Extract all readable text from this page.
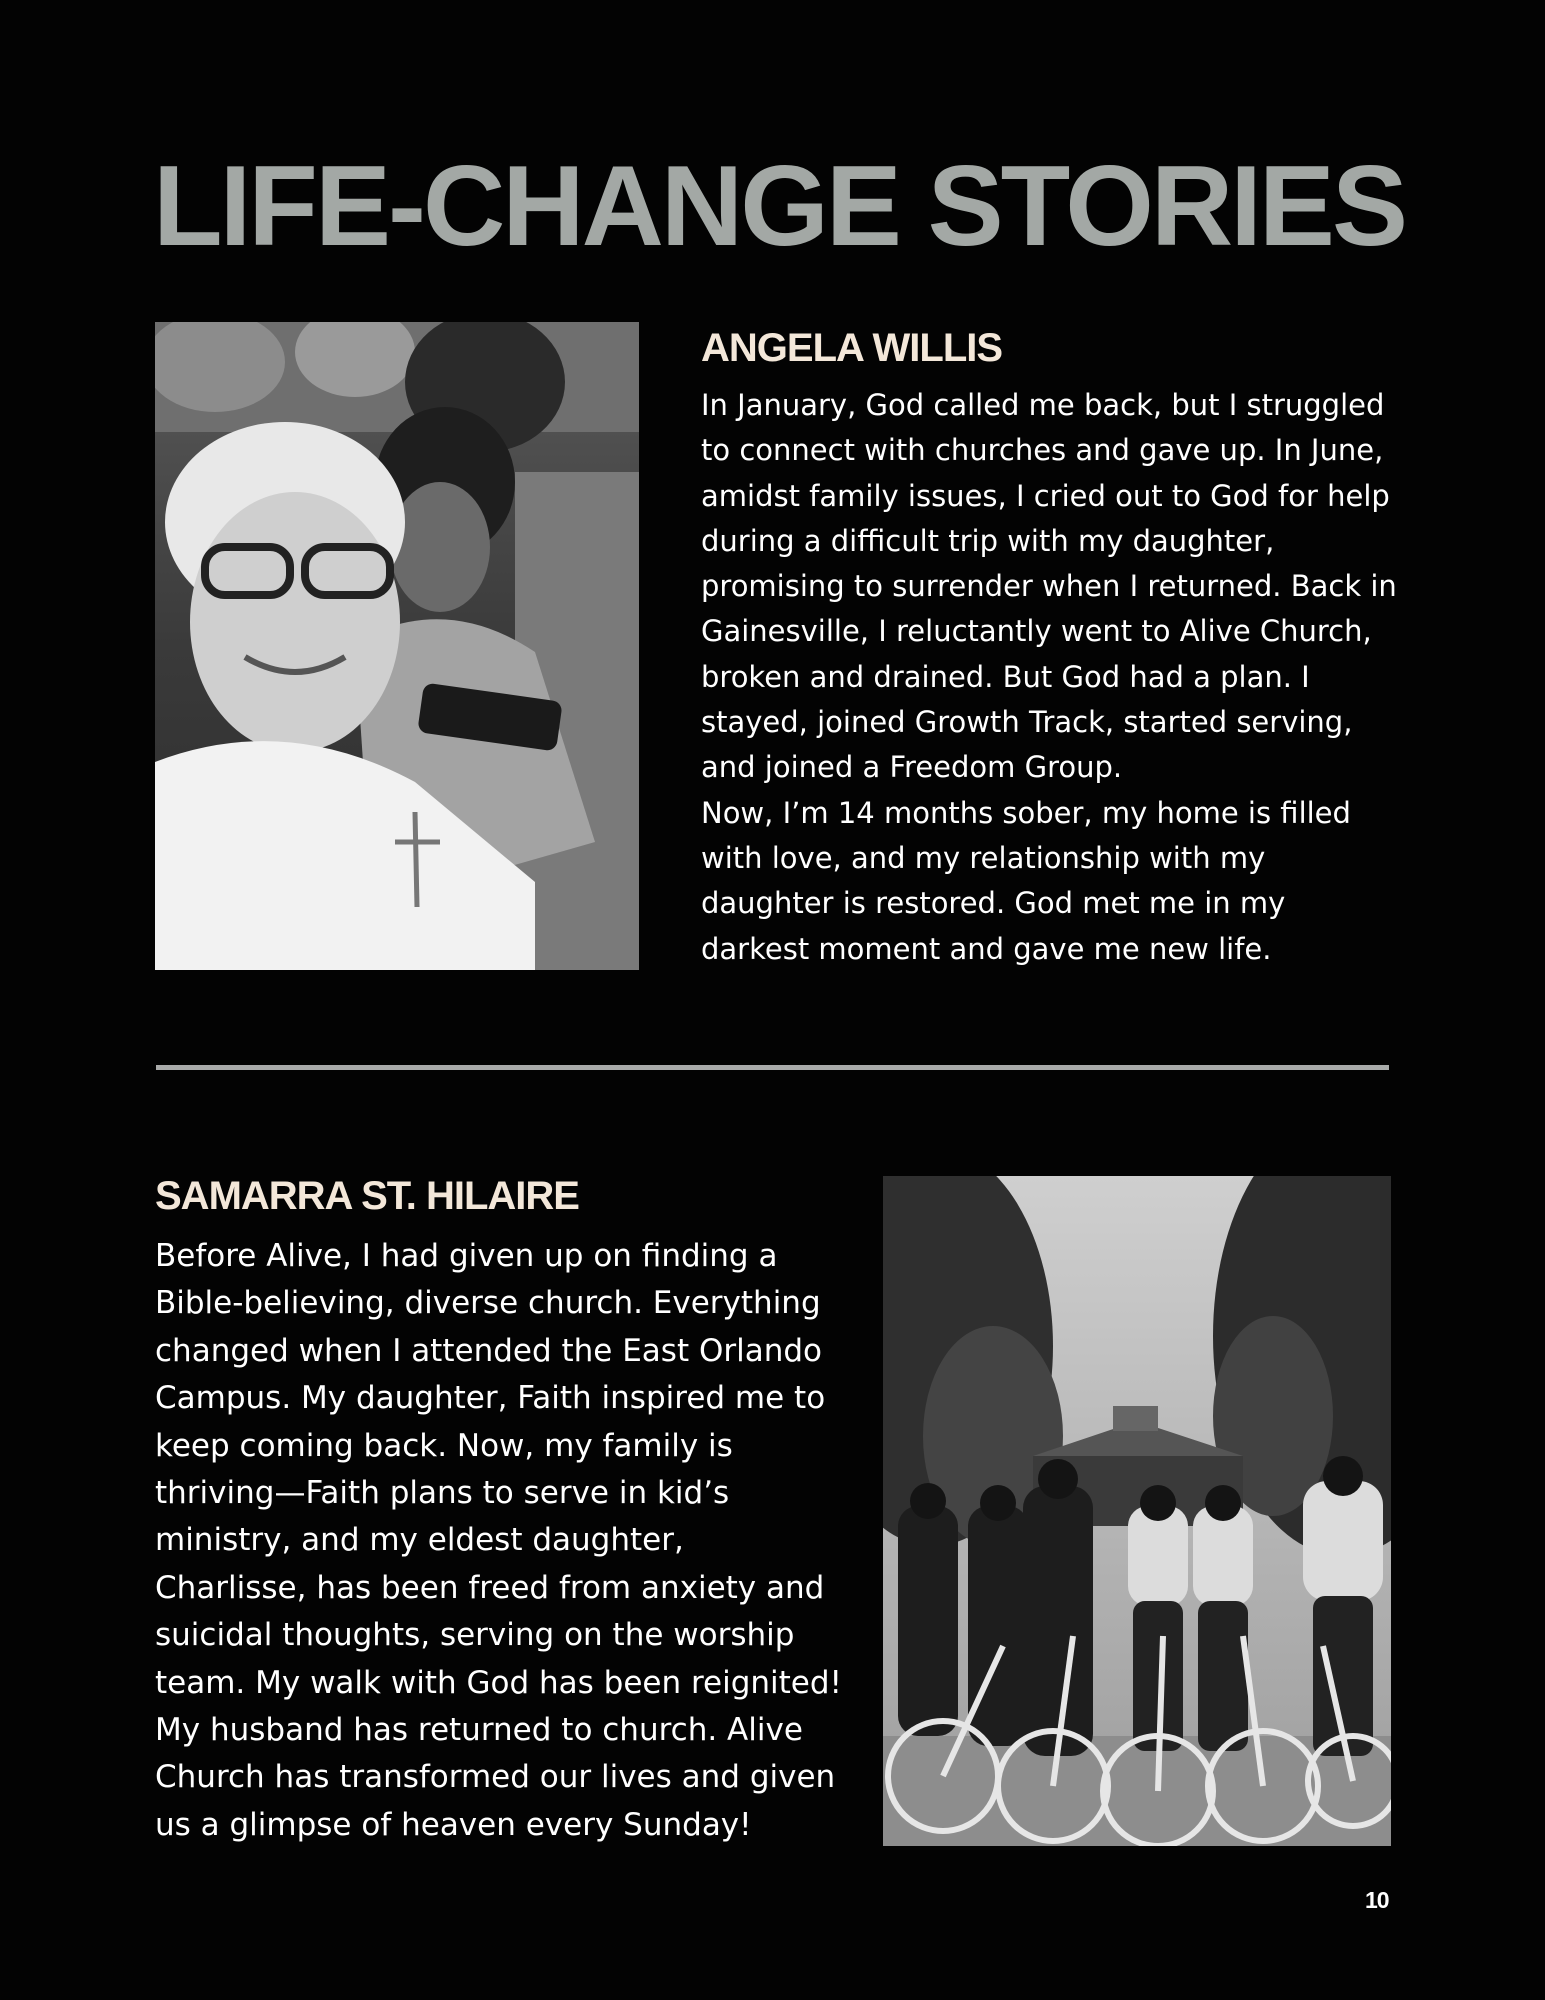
LIFE-CHANGE STORIES
ANGELA WILLIS

In January, God called me back, but I struggled to connect with churches and gave up. In June, amidst family issues, I cried out to God for help during a difficult trip with my daughter, promising to surrender when I returned. Back in Gainesville, I reluctantly went to Alive Church, broken and drained. But God had a plan. I stayed, joined Growth Track, started serving, and joined a Freedom Group.
Now, I’m 14 months sober, my home is filled with love, and my relationship with my daughter is restored. God met me in my darkest moment and gave me new life.

SAMARRA ST. HILAIRE

Before Alive, I had given up on finding a Bible-believing, diverse church. Everything changed when I attended the East Orlando Campus. My daughter, Faith inspired me to keep coming back. Now, my family is thriving—Faith plans to serve in kid’s ministry, and my eldest daughter, Charlisse, has been freed from anxiety and suicidal thoughts, serving on the worship team. My walk with God has been reignited! My husband has returned to church. Alive Church has transformed our lives and given us a glimpse of heaven every Sunday!

10
